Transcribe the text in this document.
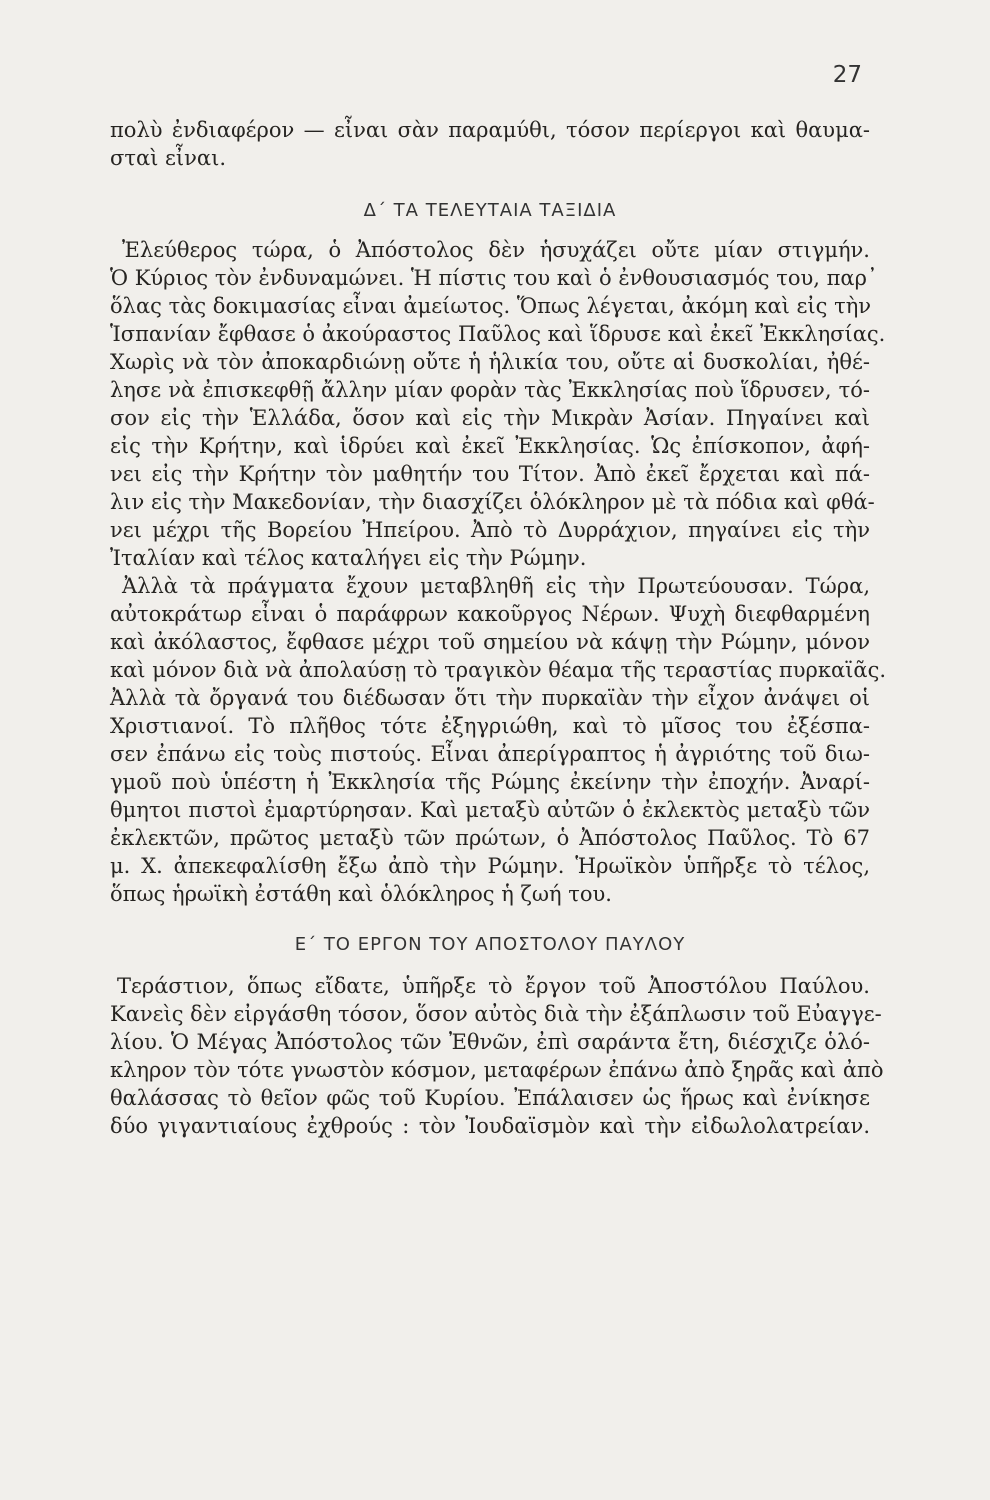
27
πολὺ ἐνδιαφέρον — εἶναι σὰν παραμύθι, τόσον περίεργοι καὶ θαυμα-
σταὶ εἶναι.
Δ΄ ΤΑ ΤΕΛΕΥΤΑΙΑ ΤΑΞΙΔΙΑ
Ἐλεύθερος τώρα, ὁ Ἀπόστολος δὲν ἡσυχάζει οὔτε μίαν στιγμήν.
Ὁ Κύριος τὸν ἐνδυναμώνει. Ἡ πίστις του καὶ ὁ ἐνθουσιασμός του, παρ᾽
ὅλας τὰς δοκιμασίας εἶναι ἀμείωτος. Ὅπως λέγεται, ἀκόμη καὶ εἰς τὴν
Ἱσπανίαν ἔφθασε ὁ ἀκούραστος Παῦλος καὶ ἵδρυσε καὶ ἐκεῖ Ἐκκλησίας.
Χωρὶς νὰ τὸν ἀποκαρδιώνῃ οὔτε ἡ ἡλικία του, οὔτε αἱ δυσκολίαι, ἠθέ-
λησε νὰ ἐπισκεφθῇ ἄλλην μίαν φορὰν τὰς Ἐκκλησίας ποὺ ἵδρυσεν, τό-
σον εἰς τὴν Ἑλλάδα, ὅσον καὶ εἰς τὴν Μικρὰν Ἀσίαν. Πηγαίνει καὶ
εἰς τὴν Κρήτην, καὶ ἱδρύει καὶ ἐκεῖ Ἐκκλησίας. Ὡς ἐπίσκοπον, ἀφή-
νει εἰς τὴν Κρήτην τὸν μαθητήν του Τίτον. Ἀπὸ ἐκεῖ ἔρχεται καὶ πά-
λιν εἰς τὴν Μακεδονίαν, τὴν διασχίζει ὁλόκληρον μὲ τὰ πόδια καὶ φθά-
νει μέχρι τῆς Βορείου Ἠπείρου. Ἀπὸ τὸ Δυρράχιον, πηγαίνει εἰς τὴν
Ἰταλίαν καὶ τέλος καταλήγει εἰς τὴν Ρώμην.
Ἀλλὰ τὰ πράγματα ἔχουν μεταβληθῆ εἰς τὴν Πρωτεύουσαν. Τώρα,
αὐτοκράτωρ εἶναι ὁ παράφρων κακοῦργος Νέρων. Ψυχὴ διεφθαρμένη
καὶ ἀκόλαστος, ἔφθασε μέχρι τοῦ σημείου νὰ κάψῃ τὴν Ρώμην, μόνον
καὶ μόνον διὰ νὰ ἀπολαύσῃ τὸ τραγικὸν θέαμα τῆς τεραστίας πυρκαϊᾶς.
Ἀλλὰ τὰ ὄργανά του διέδωσαν ὅτι τὴν πυρκαϊὰν τὴν εἶχον ἀνάψει οἱ
Χριστιανοί. Τὸ πλῆθος τότε ἐξηγριώθη, καὶ τὸ μῖσος του ἐξέσπα-
σεν ἐπάνω εἰς τοὺς πιστούς. Εἶναι ἀπερίγραπτος ἡ ἀγριότης τοῦ διω-
γμοῦ ποὺ ὑπέστη ἡ Ἐκκλησία τῆς Ρώμης ἐκείνην τὴν ἐποχήν. Ἀναρί-
θμητοι πιστοὶ ἐμαρτύρησαν. Καὶ μεταξὺ αὐτῶν ὁ ἐκλεκτὸς μεταξὺ τῶν
ἐκλεκτῶν, πρῶτος μεταξὺ τῶν πρώτων, ὁ Ἀπόστολος Παῦλος. Τὸ 67
μ. Χ. ἀπεκεφαλίσθη ἔξω ἀπὸ τὴν Ρώμην. Ἡρωϊκὸν ὑπῆρξε τὸ τέλος,
ὅπως ἡρωϊκὴ ἐστάθη καὶ ὁλόκληρος ἡ ζωή του.
Ε΄ ΤΟ ΕΡΓΟΝ ΤΟΥ ΑΠΟΣΤΟΛΟΥ ΠΑΥΛΟΥ
Τεράστιον, ὅπως εἴδατε, ὑπῆρξε τὸ ἔργον τοῦ Ἀποστόλου Παύλου.
Κανεὶς δὲν εἰργάσθη τόσον, ὅσον αὐτὸς διὰ τὴν ἐξάπλωσιν τοῦ Εὐαγγε-
λίου. Ὁ Μέγας Ἀπόστολος τῶν Ἐθνῶν, ἐπὶ σαράντα ἔτη, διέσχιζε ὁλό-
κληρον τὸν τότε γνωστὸν κόσμον, μεταφέρων ἐπάνω ἀπὸ ξηρᾶς καὶ ἀπὸ
θαλάσσας τὸ θεῖον φῶς τοῦ Κυρίου. Ἐπάλαισεν ὡς ἥρως καὶ ἐνίκησε
δύο γιγαντιαίους ἐχθρούς : τὸν Ἰουδαϊσμὸν καὶ τὴν εἰδωλολατρείαν.
